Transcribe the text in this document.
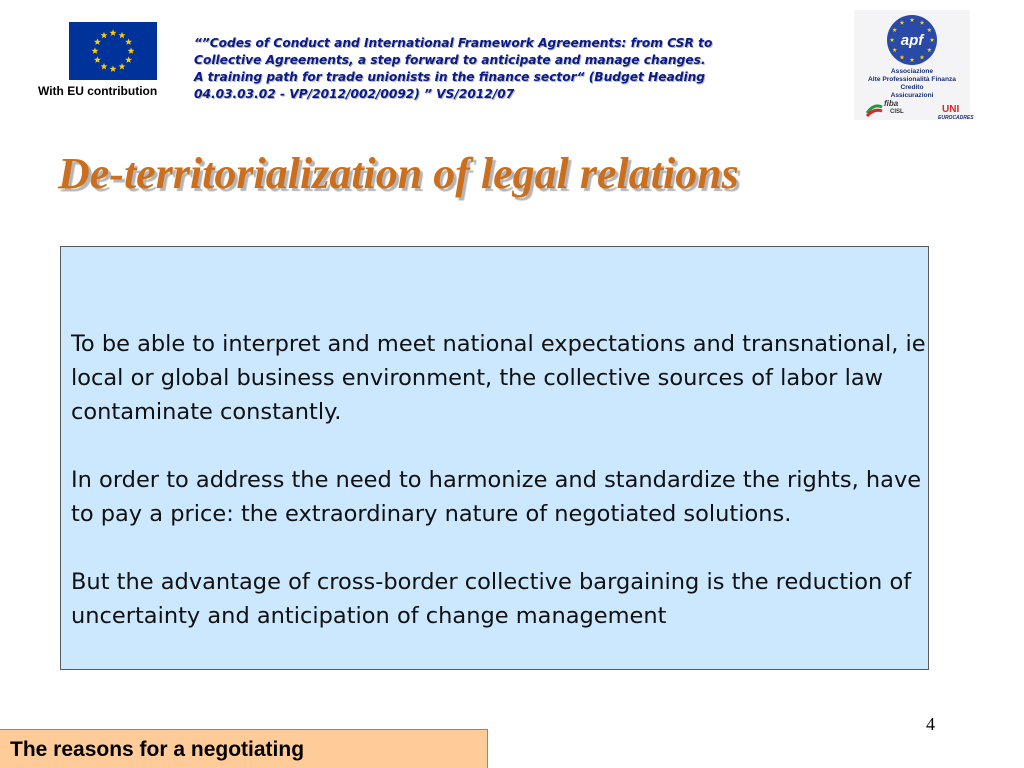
With EU contribution
“”Codes of Conduct and International Framework Agreements: from CSR to
Collective Agreements, a step forward to anticipate and manage changes.
A training path for trade unionists in the finance sector“ (Budget Heading
04.03.03.02 - VP/2012/002/0092) ” VS/2012/07
apf
Associazione
Alte Professionalità Finanza
Credito
Assicurazioni
fiba
CISL	UNI
EUROCADRES
De-territorialization of legal relations

To be able to interpret and meet national expectations and transnational, ie local or global business environment, the collective sources of labor law contaminate constantly.

In order to address the need to harmonize and standardize the rights, have to pay a price: the extraordinary nature of negotiated solutions.

But the advantage of cross-border collective bargaining is the reduction of uncertainty and anticipation of change management

4
The reasons for a negotiating
